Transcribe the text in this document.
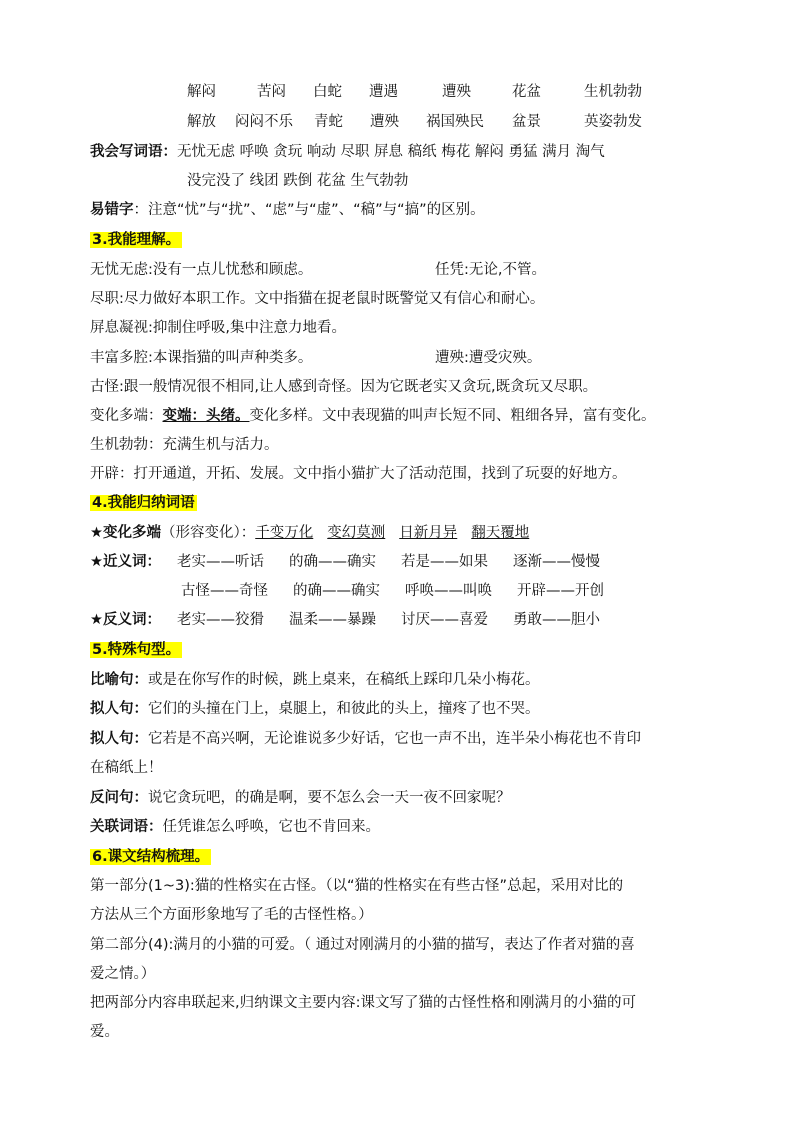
解闷	苦闷 白蛇 遭遇	遭殃	花盆	生机勃勃
解放 闷闷不乐 青蛇 遭殃 祸国殃民 盆景	英姿勃发
我会写词语：无忧无虑 呼唤 贪玩 响动 尽职 屏息 稿纸 梅花 解闷 勇猛 满月 淘气
没完没了 线团 跌倒 花盆 生气勃勃
易错字：注意“忧”与“扰”、“虑”与“虚”、“稿”与“搞”的区别。
3.我能理解。
无忧无虑:没有一点儿忧愁和顾虑。	任凭:无论,不管。
尽职:尽力做好本职工作。文中指猫在捉老鼠时既警觉又有信心和耐心。
屏息凝视:抑制住呼吸,集中注意力地看。
丰富多腔:本课指猫的叫声种类多。	遭殃:遭受灾殃。
古怪:跟一般情况很不相同,让人感到奇怪。因为它既老实又贪玩,既贪玩又尽职。
变化多端：变端：头绪。变化多样。文中表现猫的叫声长短不同、粗细各异，富有变化。
生机勃勃：充满生机与活力。
开辟：打开通道，开拓、发展。文中指小猫扩大了活动范围，找到了玩耍的好地方。
4.我能归纳词语
★变化多端（形容变化）：千变万化 变幻莫测 日新月异 翻天覆地
★近义词： 老实——听话 的确——确实 若是——如果 逐渐——慢慢
古怪——奇怪 的确——确实 呼唤——叫唤 开辟——开创
★反义词： 老实——狡猾 温柔——暴躁 讨厌——喜爱 勇敢——胆小
5.特殊句型。
比喻句：或是在你写作的时候，跳上桌来，在稿纸上踩印几朵小梅花。
拟人句：它们的头撞在门上，桌腿上，和彼此的头上，撞疼了也不哭。
拟人句：它若是不高兴啊，无论谁说多少好话，它也一声不出，连半朵小梅花也不肯印
在稿纸上！
反问句：说它贪玩吧，的确是啊，要不怎么会一天一夜不回家呢？
关联词语：任凭谁怎么呼唤，它也不肯回来。
6.课文结构梳理。
第一部分(1~3):猫的性格实在古怪。（以“猫的性格实在有些古怪”总起，采用对比的
方法从三个方面形象地写了毛的古怪性格。）
第二部分(4):满月的小猫的可爱。（ 通过对刚满月的小猫的描写，表达了作者对猫的喜
爱之情。）
把两部分内容串联起来,归纳课文主要内容:课文写了猫的古怪性格和刚满月的小猫的可
爱。
